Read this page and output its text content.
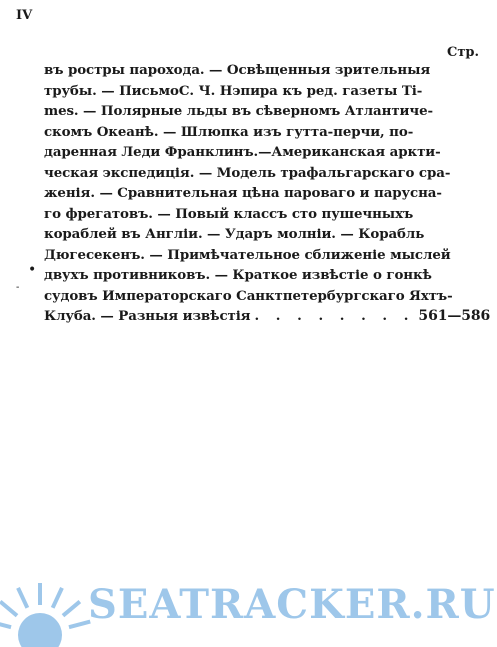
IV
Стр.
•
-
въ ростры парохода. — Освѣщенныя зрительныя
трубы. — ПисьмоС. Ч. Нэпира къ ред. газеты Ti-
mes. — Полярные льды въ сѣверномъ Атлантиче-
скомъ Океанѣ. — Шлюпка изъ гутта-перчи, по-
даренная Леди Франклинъ.—Американская аркти-
ческая экспедиція. — Модель трафальгарскаго сра-
женія. — Сравнительная цѣна пароваго и парусна-
го фрегатовъ. — Повый классъ сто пушечныхъ
кораблей въ Англіи. — Ударъ молніи. — Корабль
Дюгесекенъ. — Примѣчательное сближеніе мыслей
двухъ противниковъ. — Краткое извѣстіе о гонкѣ
судовъ Императорскаго Санктпетербургскаго Яхтъ-
Клуба. — Разныя извѣстія . . . . . . . . 561—586
SEATRACKER.RU
